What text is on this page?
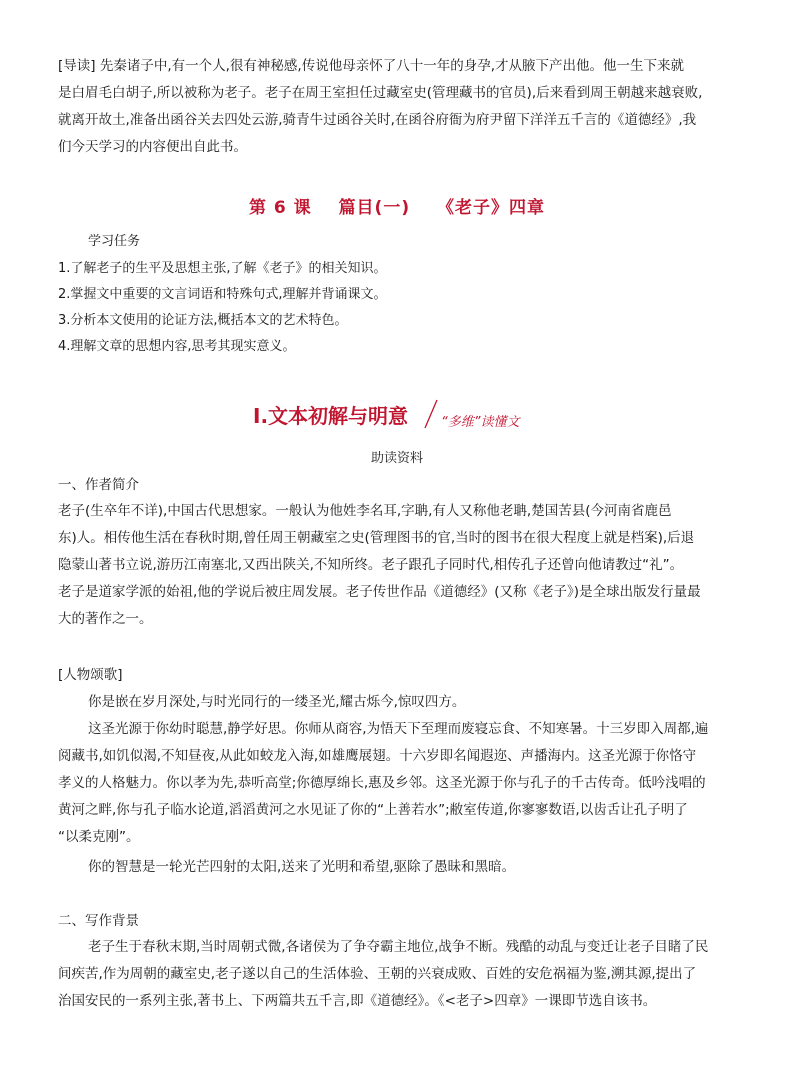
[导读] 先秦诸子中,有一个人,很有神秘感,传说他母亲怀了八十一年的身孕,才从腋下产出他。他一生下来就
是白眉毛白胡子,所以被称为老子。老子在周王室担任过藏室史(管理藏书的官员),后来看到周王朝越来越衰败,
就离开故土,准备出函谷关去四处云游,骑青牛过函谷关时,在函谷府衙为府尹留下洋洋五千言的《道德经》,我
们今天学习的内容便出自此书。
第 6 课 篇目(一) 《老子》四章
学习任务
1.了解老子的生平及思想主张,了解《老子》的相关知识。
2.掌握文中重要的文言词语和特殊句式,理解并背诵课文。
3.分析本文使用的论证方法,概括本文的艺术特色。
4.理解文章的思想内容,思考其现实意义。
Ⅰ.文本初解与明意	“多维”读懂文
助读资料
一、作者简介
老子(生卒年不详),中国古代思想家。一般认为他姓李名耳,字聃,有人又称他老聃,楚国苦县(今河南省鹿邑
东)人。相传他生活在春秋时期,曾任周王朝藏室之史(管理图书的官,当时的图书在很大程度上就是档案),后退
隐蒙山著书立说,游历江南塞北,又西出陕关,不知所终。老子跟孔子同时代,相传孔子还曾向他请教过“礼”。
老子是道家学派的始祖,他的学说后被庄周发展。老子传世作品《道德经》(又称《老子》)是全球出版发行量最
大的著作之一。
[人物颂歌]
你是嵌在岁月深处,与时光同行的一缕圣光,耀古烁今,惊叹四方。
这圣光源于你幼时聪慧,静学好思。你师从商容,为悟天下至理而废寝忘食、不知寒暑。十三岁即入周都,遍
阅藏书,如饥似渴,不知昼夜,从此如蛟龙入海,如雄鹰展翅。十六岁即名闻遐迩、声播海内。这圣光源于你恪守
孝义的人格魅力。你以孝为先,恭听高堂;你德厚绵长,惠及乡邻。这圣光源于你与孔子的千古传奇。低吟浅唱的
黄河之畔,你与孔子临水论道,滔滔黄河之水见证了你的“上善若水”;敝室传道,你寥寥数语,以齿舌让孔子明了
“以柔克刚”。
你的智慧是一轮光芒四射的太阳,送来了光明和希望,驱除了愚昧和黑暗。
二、写作背景
老子生于春秋末期,当时周朝式微,各诸侯为了争夺霸主地位,战争不断。残酷的动乱与变迁让老子目睹了民
间疾苦,作为周朝的藏室史,老子遂以自己的生活体验、王朝的兴衰成败、百姓的安危祸福为鉴,溯其源,提出了
治国安民的一系列主张,著书上、下两篇共五千言,即《道德经》。《<老子>四章》一课即节选自该书。
